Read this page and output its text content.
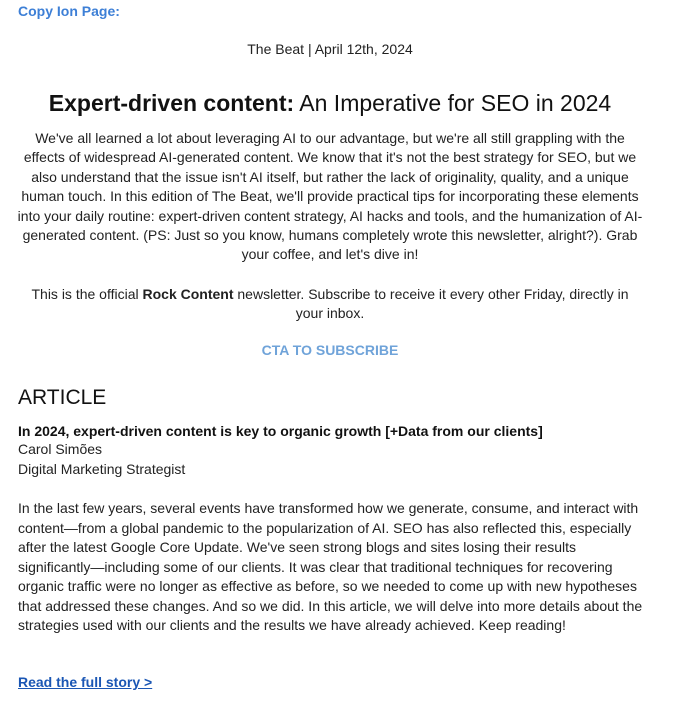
Copy Ion Page:
The Beat | April 12th, 2024
Expert-driven content: An Imperative for SEO in 2024

We've all learned a lot about leveraging AI to our advantage, but we're all still grappling with the effects of widespread AI-generated content. We know that it's not the best strategy for SEO, but we also understand that the issue isn't AI itself, but rather the lack of originality, quality, and a unique human touch. In this edition of The Beat, we'll provide practical tips for incorporating these elements into your daily routine: expert-driven content strategy, AI hacks and tools, and the humanization of AI-generated content. (PS: Just so you know, humans completely wrote this newsletter, alright?). Grab your coffee, and let's dive in!

This is the official Rock Content newsletter. Subscribe to receive it every other Friday, directly in your inbox.

CTA TO SUBSCRIBE
ARTICLE
In 2024, expert-driven content is key to organic growth [+Data from our clients]
Carol Simões
Digital Marketing Strategist

In the last few years, several events have transformed how we generate, consume, and interact with content—from a global pandemic to the popularization of AI. SEO has also reflected this, especially after the latest Google Core Update. We've seen strong blogs and sites losing their results significantly—including some of our clients. It was clear that traditional techniques for recovering organic traffic were no longer as effective as before, so we needed to come up with new hypotheses that addressed these changes. And so we did. In this article, we will delve into more details about the strategies used with our clients and the results we have already achieved. Keep reading!

Read the full story >
